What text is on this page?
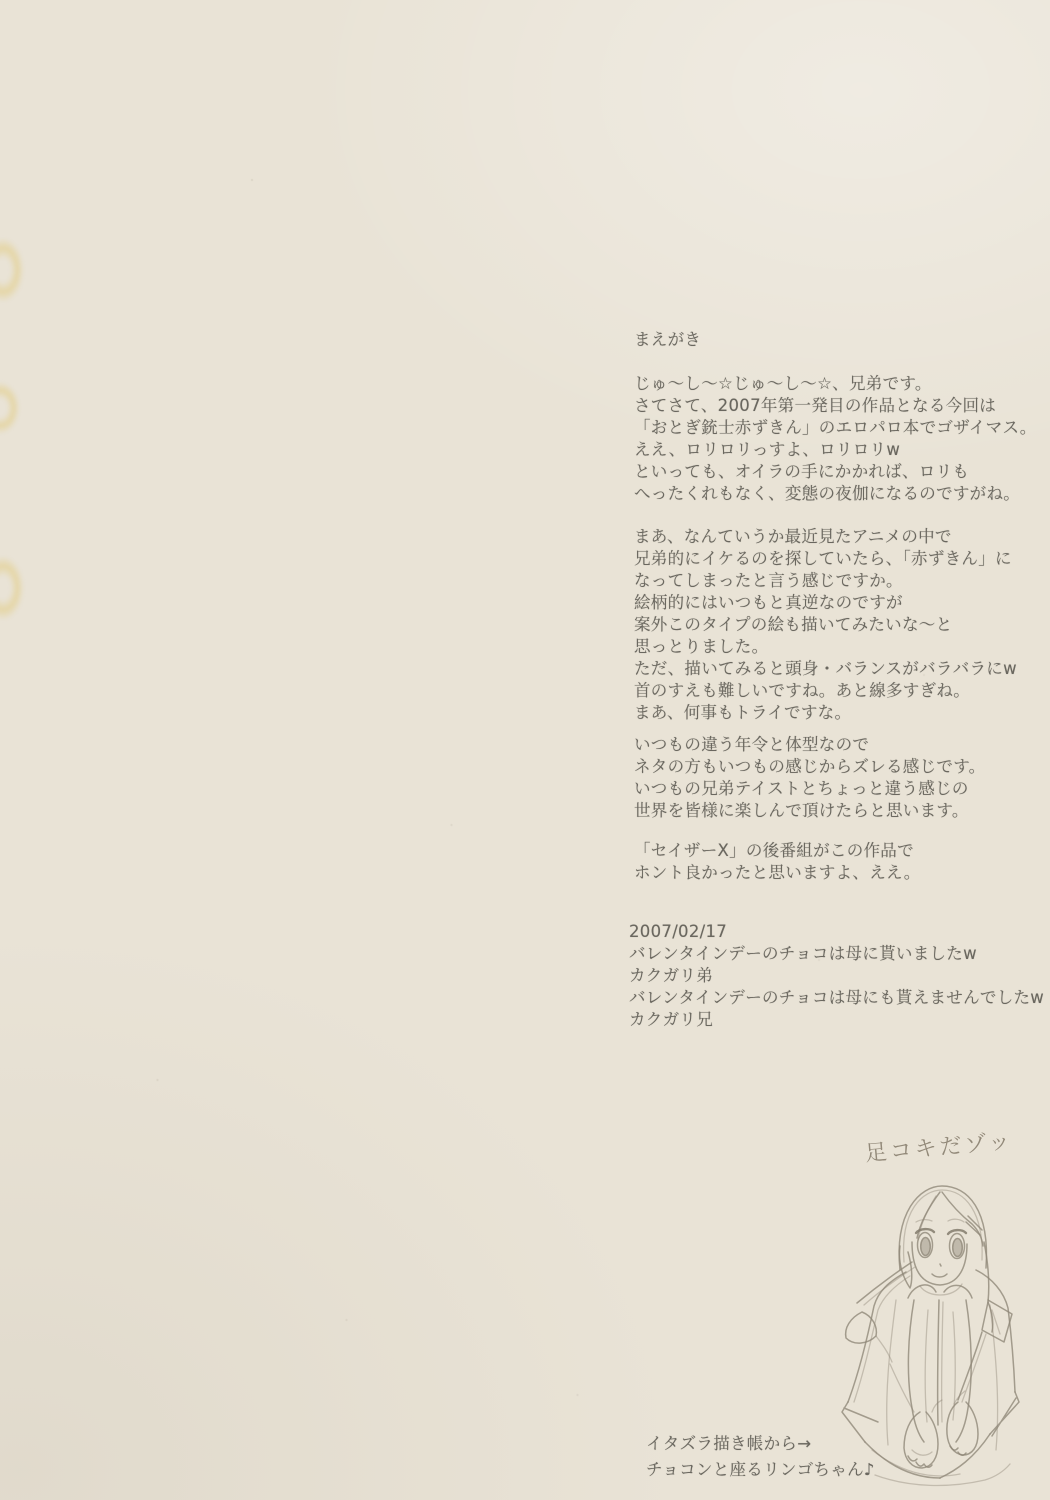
まえがき
じゅ～し～☆じゅ～し～☆、兄弟です。
さてさて、2007年第一発目の作品となる今回は
「おとぎ銃士赤ずきん」のエロパロ本でゴザイマス。
ええ、ロリロリっすよ、ロリロリw
といっても、オイラの手にかかれば、ロリも
へったくれもなく、変態の夜伽になるのですがね。
まあ、なんていうか最近見たアニメの中で
兄弟的にイケるのを探していたら、「赤ずきん」に
なってしまったと言う感じですか。
絵柄的にはいつもと真逆なのですが
案外このタイプの絵も描いてみたいな～と
思っとりました。
ただ、描いてみると頭身・バランスがバラバラにw
首のすえも難しいですね。あと線多すぎね。
まあ、何事もトライですな。
いつもの違う年令と体型なので
ネタの方もいつもの感じからズレる感じです。
いつもの兄弟テイストとちょっと違う感じの
世界を皆様に楽しんで頂けたらと思います。
「セイザーX」の後番組がこの作品で
ホント良かったと思いますよ、ええ。
2007/02/17
バレンタインデーのチョコは母に貰いましたw
カクガリ弟
バレンタインデーのチョコは母にも貰えませんでしたw
カクガリ兄
足コキだゾッ
イタズラ描き帳から→
チョコンと座るリンゴちゃん♪
